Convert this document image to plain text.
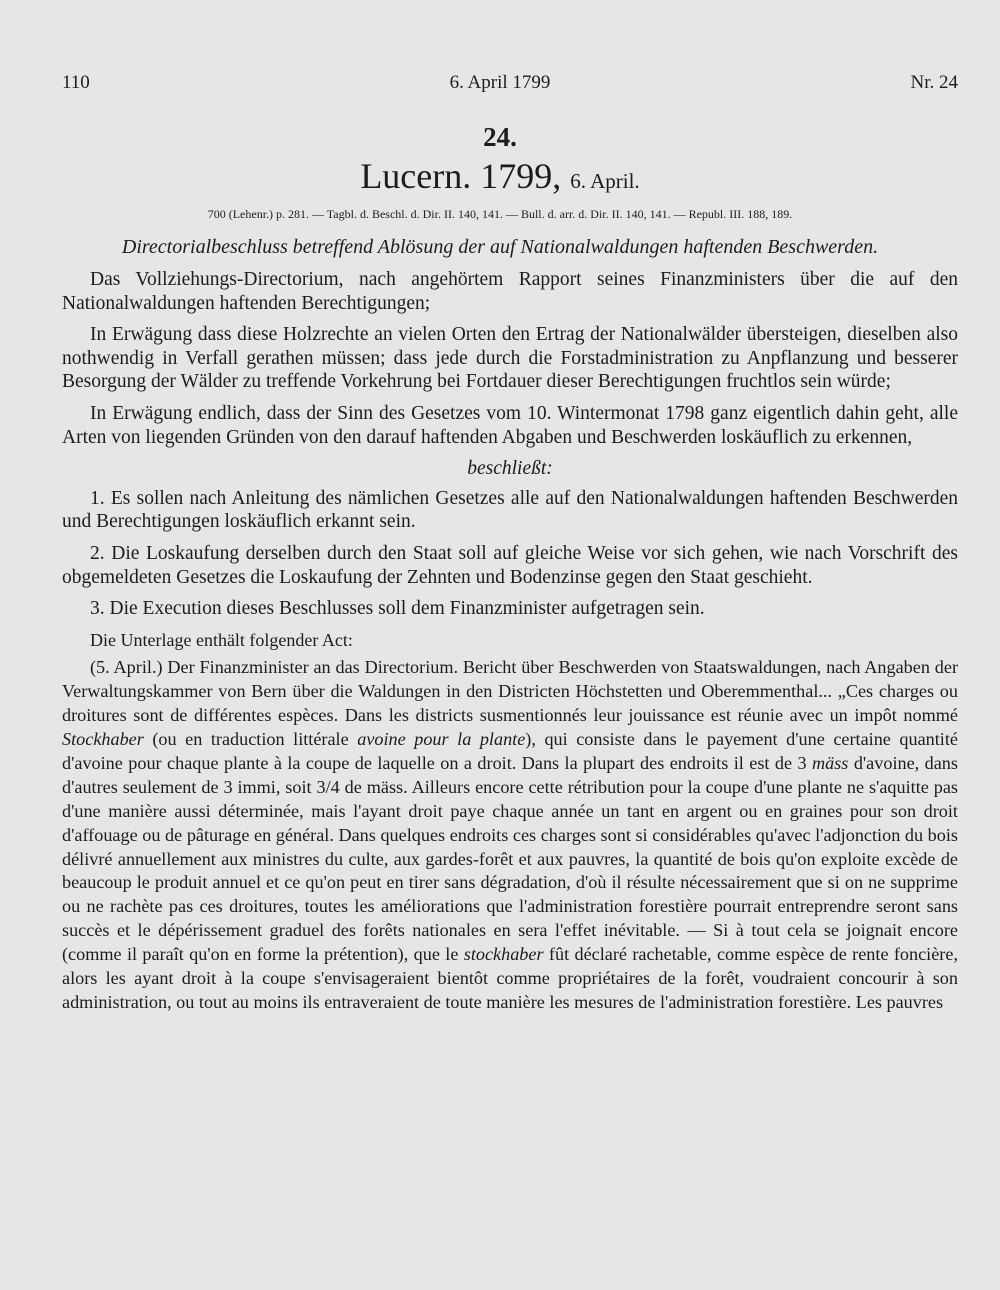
110	6. April 1799	Nr. 24
24.
Lucern. 1799, 6. April.
700 (Lehenr.) p. 281. — Tagbl. d. Beschl. d. Dir. II. 140, 141. — Bull. d. arr. d. Dir. II. 140, 141. — Republ. III. 188, 189.
Directorialbeschluss betreffend Ablösung der auf Nationalwaldungen haftenden Beschwerden.

Das Vollziehungs-Directorium, nach angehörtem Rapport seines Finanzministers über die auf den Nationalwaldungen haftenden Berechtigungen;

In Erwägung dass diese Holzrechte an vielen Orten den Ertrag der Nationalwälder übersteigen, dieselben also nothwendig in Verfall gerathen müssen; dass jede durch die Forstadministration zu Anpflanzung und besserer Besorgung der Wälder zu treffende Vorkehrung bei Fortdauer dieser Berechtigungen fruchtlos sein würde;

In Erwägung endlich, dass der Sinn des Gesetzes vom 10. Wintermonat 1798 ganz eigentlich dahin geht, alle Arten von liegenden Gründen von den darauf haftenden Abgaben und Beschwerden loskäuflich zu erkennen,

beschließt:

1. Es sollen nach Anleitung des nämlichen Gesetzes alle auf den Nationalwaldungen haftenden Beschwerden und Berechtigungen loskäuflich erkannt sein.

2. Die Loskaufung derselben durch den Staat soll auf gleiche Weise vor sich gehen, wie nach Vorschrift des obgemeldeten Gesetzes die Loskaufung der Zehnten und Bodenzinse gegen den Staat geschieht.

3. Die Execution dieses Beschlusses soll dem Finanzminister aufgetragen sein.

Die Unterlage enthält folgender Act:

(5. April.) Der Finanzminister an das Directorium. Bericht über Beschwerden von Staatswaldungen, nach Angaben der Verwaltungskammer von Bern über die Waldungen in den Districten Höchstetten und Oberemmenthal... „Ces charges ou droitures sont de différentes espèces. Dans les districts susmentionnés leur jouissance est réunie avec un impôt nommé Stockhaber (ou en traduction littérale avoine pour la plante), qui consiste dans le payement d'une certaine quantité d'avoine pour chaque plante à la coupe de laquelle on a droit. Dans la plupart des endroits il est de 3 mäss d'avoine, dans d'autres seulement de 3 immi, soit 3/4 de mäss. Ailleurs encore cette rétribution pour la coupe d'une plante ne s'aquitte pas d'une manière aussi déterminée, mais l'ayant droit paye chaque année un tant en argent ou en graines pour son droit d'affouage ou de pâturage en général. Dans quelques endroits ces charges sont si considérables qu'avec l'adjonction du bois délivré annuellement aux ministres du culte, aux gardes-forêt et aux pauvres, la quantité de bois qu'on exploite excède de beaucoup le produit annuel et ce qu'on peut en tirer sans dégradation, d'où il résulte nécessairement que si on ne supprime ou ne rachète pas ces droitures, toutes les améliorations que l'administration forestière pourrait entreprendre seront sans succès et le dépérissement graduel des forêts nationales en sera l'effet inévitable. — Si à tout cela se joignait encore (comme il paraît qu'on en forme la prétention), que le stockhaber fût déclaré rachetable, comme espèce de rente foncière, alors les ayant droit à la coupe s'envisageraient bientôt comme propriétaires de la forêt, voudraient concourir à son administration, ou tout au moins ils entraveraient de toute manière les mesures de l'administration forestière. Les pauvres
